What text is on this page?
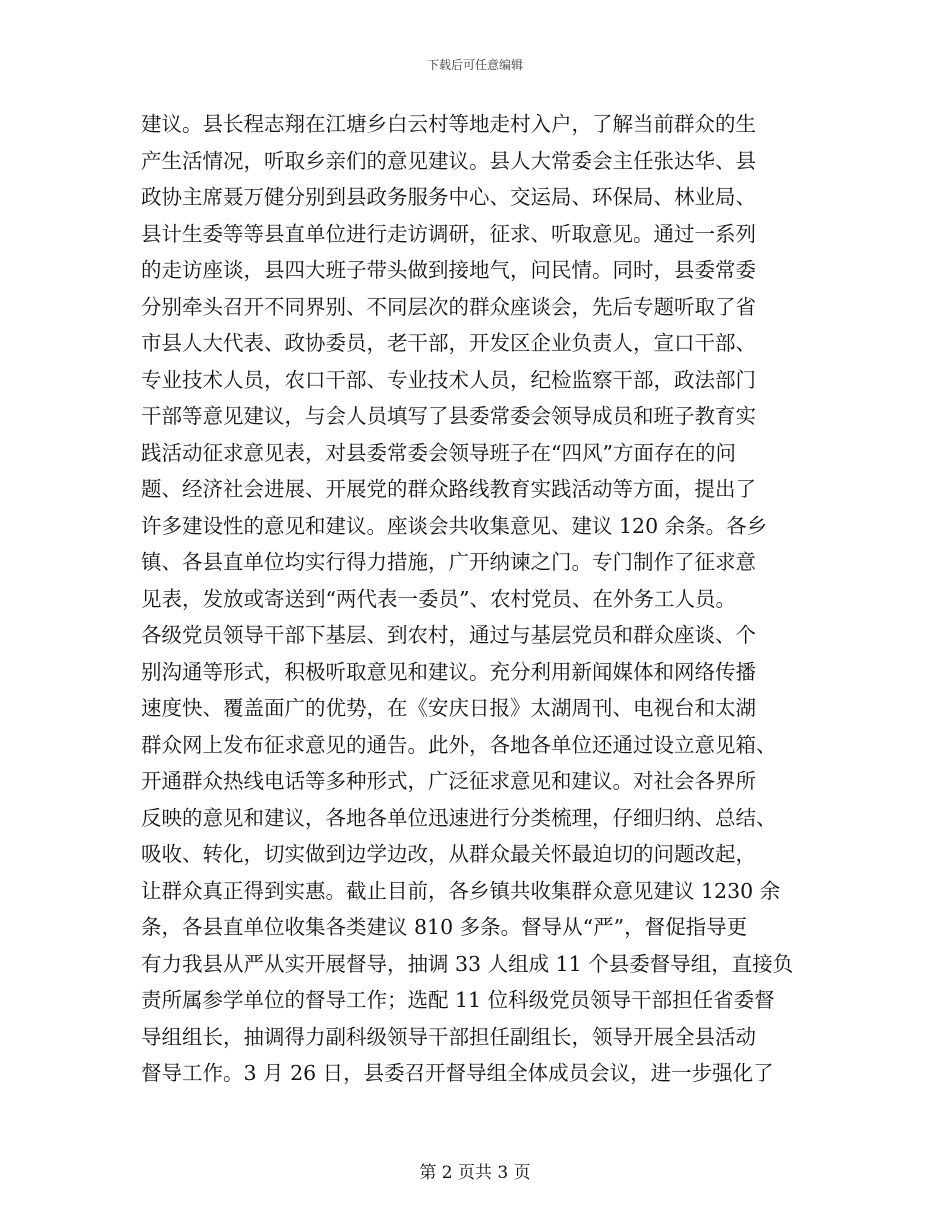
下载后可任意编辑
建议。县长程志翔在江塘乡白云村等地走村入户，了解当前群众的生
产生活情况，听取乡亲们的意见建议。县人大常委会主任张达华、县
政协主席聂万健分别到县政务服务中心、交运局、环保局、林业局、
县计生委等等县直单位进行走访调研，征求、听取意见。通过一系列
的走访座谈，县四大班子带头做到接地气，问民情。同时，县委常委
分别牵头召开不同界别、不同层次的群众座谈会，先后专题听取了省
市县人大代表、政协委员，老干部，开发区企业负责人，宣口干部、
专业技术人员，农口干部、专业技术人员，纪检监察干部，政法部门
干部等意见建议，与会人员填写了县委常委会领导成员和班子教育实
践活动征求意见表，对县委常委会领导班子在“四风”方面存在的问
题、经济社会进展、开展党的群众路线教育实践活动等方面，提出了
许多建设性的意见和建议。座谈会共收集意见、建议 120 余条。各乡
镇、各县直单位均实行得力措施，广开纳谏之门。专门制作了征求意
见表，发放或寄送到“两代表一委员”、农村党员、在外务工人员。
各级党员领导干部下基层、到农村，通过与基层党员和群众座谈、个
别沟通等形式，积极听取意见和建议。充分利用新闻媒体和网络传播
速度快、覆盖面广的优势，在《安庆日报》太湖周刊、电视台和太湖
群众网上发布征求意见的通告。此外，各地各单位还通过设立意见箱、
开通群众热线电话等多种形式，广泛征求意见和建议。对社会各界所
反映的意见和建议，各地各单位迅速进行分类梳理，仔细归纳、总结、
吸收、转化，切实做到边学边改，从群众最关怀最迫切的问题改起，
让群众真正得到实惠。截止目前，各乡镇共收集群众意见建议 1230 余
条，各县直单位收集各类建议 810 多条。督导从“严”，督促指导更
有力我县从严从实开展督导，抽调 33 人组成 11 个县委督导组，直接负
责所属参学单位的督导工作；选配 11 位科级党员领导干部担任省委督
导组组长，抽调得力副科级领导干部担任副组长，领导开展全县活动
督导工作。3 月 26 日，县委召开督导组全体成员会议，进一步强化了
第 2 页共 3 页
